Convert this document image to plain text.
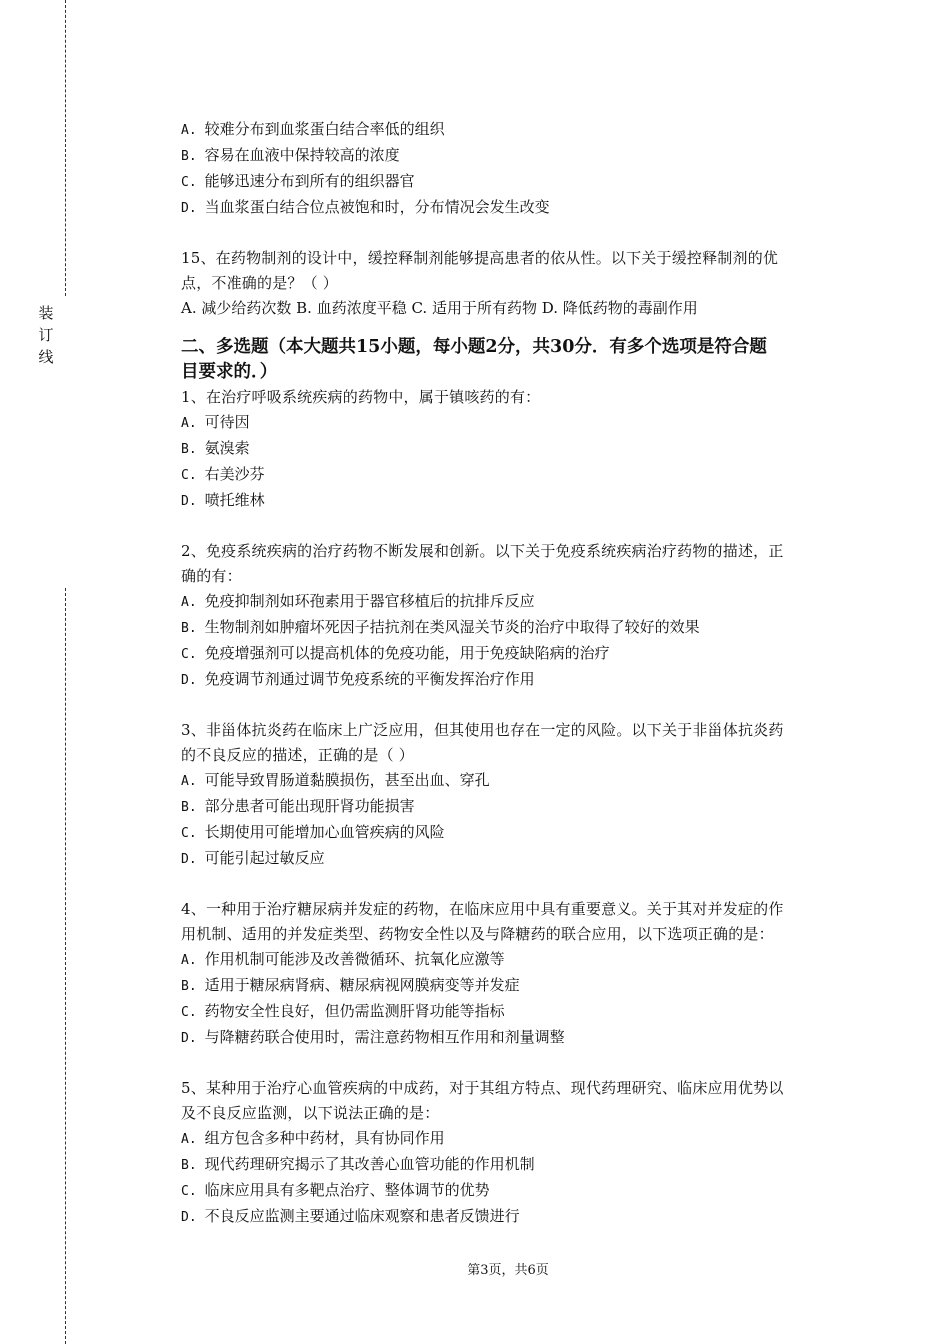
装订线

A. 较难分布到血浆蛋白结合率低的组织

B. 容易在血液中保持较高的浓度

C. 能够迅速分布到所有的组织器官

D. 当血浆蛋白结合位点被饱和时，分布情况会发生改变

15、在药物制剂的设计中，缓控释制剂能够提高患者的依从性。以下关于缓控释制剂的优

点，不准确的是？（ ）

A. 减少给药次数 B. 血药浓度平稳 C. 适用于所有药物 D. 降低药物的毒副作用

二、多选题（本大题共15小题，每小题2分，共30分．有多个选项是符合题

目要求的．）

1、在治疗呼吸系统疾病的药物中，属于镇咳药的有：

A. 可待因

B. 氨溴索

C. 右美沙芬

D. 喷托维林

2、免疫系统疾病的治疗药物不断发展和创新。以下关于免疫系统疾病治疗药物的描述，正

确的有：

A. 免疫抑制剂如环孢素用于器官移植后的抗排斥反应

B. 生物制剂如肿瘤坏死因子拮抗剂在类风湿关节炎的治疗中取得了较好的效果

C. 免疫增强剂可以提高机体的免疫功能，用于免疫缺陷病的治疗

D. 免疫调节剂通过调节免疫系统的平衡发挥治疗作用

3、非甾体抗炎药在临床上广泛应用，但其使用也存在一定的风险。以下关于非甾体抗炎药

的不良反应的描述，正确的是（ ）

A. 可能导致胃肠道黏膜损伤，甚至出血、穿孔

B. 部分患者可能出现肝肾功能损害

C. 长期使用可能增加心血管疾病的风险

D. 可能引起过敏反应

4、一种用于治疗糖尿病并发症的药物，在临床应用中具有重要意义。关于其对并发症的作

用机制、适用的并发症类型、药物安全性以及与降糖药的联合应用，以下选项正确的是：

A. 作用机制可能涉及改善微循环、抗氧化应激等

B. 适用于糖尿病肾病、糖尿病视网膜病变等并发症

C. 药物安全性良好，但仍需监测肝肾功能等指标

D. 与降糖药联合使用时，需注意药物相互作用和剂量调整

5、某种用于治疗心血管疾病的中成药，对于其组方特点、现代药理研究、临床应用优势以

及不良反应监测，以下说法正确的是：

A. 组方包含多种中药材，具有协同作用

B. 现代药理研究揭示了其改善心血管功能的作用机制

C. 临床应用具有多靶点治疗、整体调节的优势

D. 不良反应监测主要通过临床观察和患者反馈进行

第3页，共6页
